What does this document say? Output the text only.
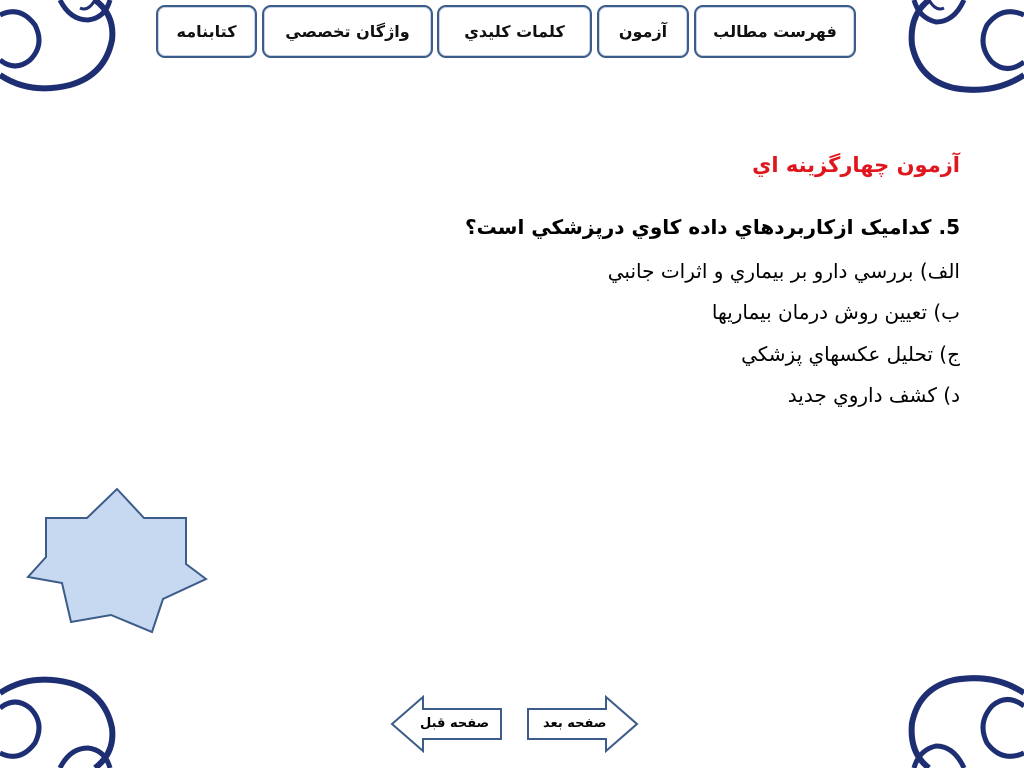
فهرست مطالب
آزمون
كلمات كليدي
واژگان تخصصي
كتابنامه
آزمون چهارگزينه اي
5. کدامیک ازکاربردهاي داده کاوي درپزشكي است؟
الف) بررسي دارو بر بيماري و اثرات جانبي
ب) تعيين روش درمان بيماريها
ج) تحليل عكسهاي پزشكي
د) کشف داروي جديد
صفحه بعد
صفحه قبل
